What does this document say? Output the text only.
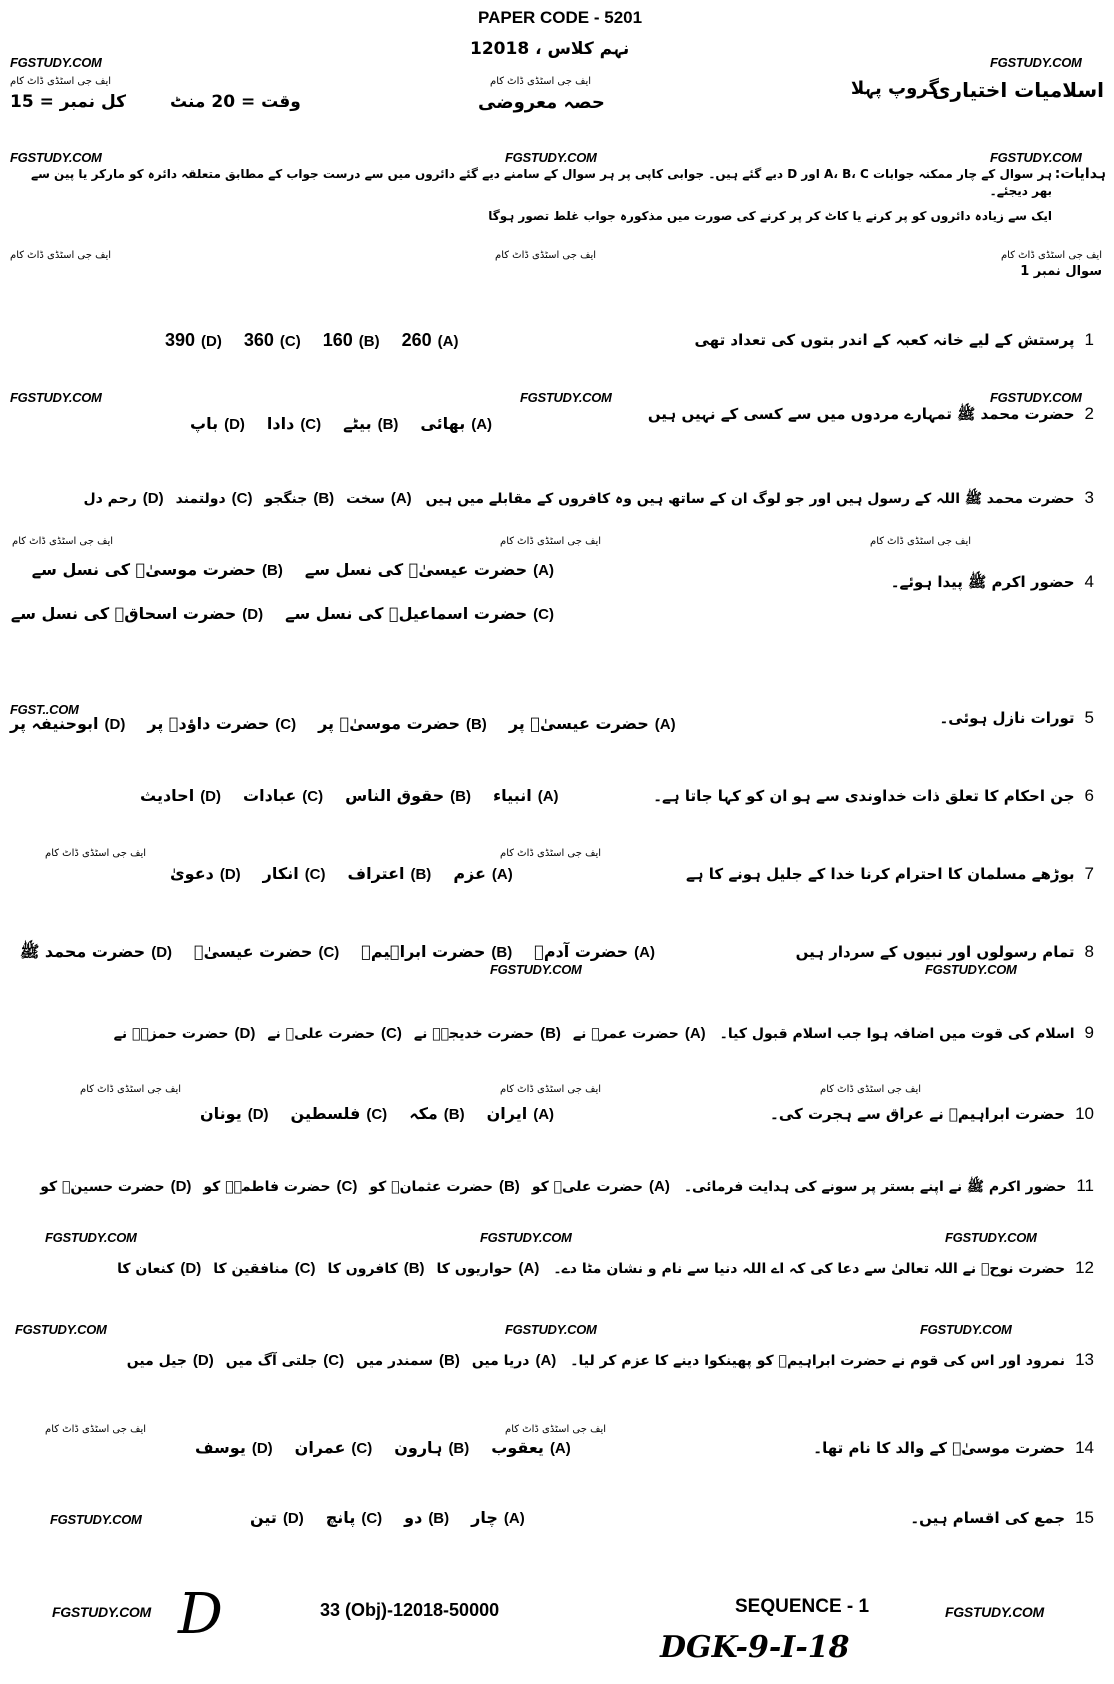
PAPER CODE - 5201
نہم کلاس ، 12018
FGSTUDY.COM	FGSTUDY.COM
اسلامیات اختیاری
گروپ پہلا
ایف جی اسٹڈی ڈاٹ کام
حصہ معروضی
ایف جی اسٹڈی ڈاٹ کام
کل نمبر = 15	وقت = 20 منٹ
FGSTUDY.COM	FGSTUDY.COM	FGSTUDY.COM
ہدایات:
ہر سوال کے چار ممکنہ جوابات A، B، C اور D دیے گئے ہیں۔ جوابی کاپی پر ہر سوال کے سامنے دیے گئے دائروں میں سے درست جواب کے مطابق متعلقہ دائرہ کو مارکر یا پین سے بھر دیجئے۔
ایک سے زیادہ دائروں کو پر کرنے یا کاٹ کر پر کرنے کی صورت میں مذکورہ جواب غلط تصور ہوگا
ایف جی اسٹڈی ڈاٹ کام	ایف جی اسٹڈی ڈاٹ کام	ایف جی اسٹڈی ڈاٹ کام
سوال نمبر 1
1
پرستش کے لیے خانہ کعبہ کے اندر بتوں کی تعداد تھی
(A)
260
(B)
160
(C)
360
(D)
390
2
حضرت محمد ﷺ تمہارے مردوں میں سے کسی کے نہیں ہیں
(A)
بھائی
(B)
بیٹے
(C)
دادا
(D)
باپ
3
حضرت محمد ﷺ اللہ کے رسول ہیں اور جو لوگ ان کے ساتھ ہیں وہ کافروں کے مقابلے میں ہیں
(A)
سخت
(B)
جنگجو
(C)
دولتمند
(D)
رحم دل
4
حضور اکرم ﷺ پیدا ہوئے۔
(A)
حضرت عیسیٰؑ کی نسل سے
(B)
حضرت موسیٰؑ کی نسل سے
(C)
حضرت اسماعیلؑ کی نسل سے
(D)
حضرت اسحاقؑ کی نسل سے
5
تورات نازل ہوئی۔
(A)
حضرت عیسیٰؑ پر
(B)
حضرت موسیٰؑ پر
(C)
حضرت داؤدؑ پر
(D)
ابوحنیفہ پر
6
جن احکام کا تعلق ذات خداوندی سے ہو ان کو کہا جاتا ہے۔
(A)
انبیاء
(B)
حقوق الناس
(C)
عبادات
(D)
احادیث
7
بوڑھے مسلمان کا احترام کرنا خدا کے جلیل ہونے کا ہے
(A)
عزم
(B)
اعتراف
(C)
انکار
(D)
دعویٰ
8
تمام رسولوں اور نبیوں کے سردار ہیں
(A)
حضرت آدمؑ
(B)
حضرت ابراہیمؑ
(C)
حضرت عیسیٰؑ
(D)
حضرت محمد ﷺ
9
اسلام کی قوت میں اضافہ ہوا جب اسلام قبول کیا۔
(A)
حضرت عمرؓ نے
(B)
حضرت خدیجہؓ نے
(C)
حضرت علیؓ نے
(D)
حضرت حمزہؓ نے
10
حضرت ابراہیمؑ نے عراق سے ہجرت کی۔
(A)
ایران
(B)
مکہ
(C)
فلسطین
(D)
یونان
11
حضور اکرم ﷺ نے اپنے بستر پر سونے کی ہدایت فرمائی۔
(A)
حضرت علیؓ کو
(B)
حضرت عثمانؓ کو
(C)
حضرت فاطمہؓ کو
(D)
حضرت حسینؓ کو
12
حضرت نوحؑ نے اللہ تعالیٰ سے دعا کی کہ اے اللہ دنیا سے نام و نشان مٹا دے۔
(A)
حواریوں کا
(B)
کافروں کا
(C)
منافقین کا
(D)
کنعان کا
13
نمرود اور اس کی قوم نے حضرت ابراہیمؑ کو پھینکوا دینے کا عزم کر لیا۔
(A)
دریا میں
(B)
سمندر میں
(C)
جلتی آگ میں
(D)
جیل میں
14
حضرت موسیٰؑ کے والد کا نام تھا۔
(A)
یعقوب
(B)
ہارون
(C)
عمران
(D)
یوسف
15
جمع کی اقسام ہیں۔
(A)
چار
(B)
دو
(C)
پانچ
(D)
تین
FGSTUDY.COM	FGSTUDY.COM	FGSTUDY.COM
ایف جی اسٹڈی ڈاٹ کام	ایف جی اسٹڈی ڈاٹ کام	ایف جی اسٹڈی ڈاٹ کام
FGST..COM
ایف جی اسٹڈی ڈاٹ کام	ایف جی اسٹڈی ڈاٹ کام
FGSTUDY.COM	FGSTUDY.COM
ایف جی اسٹڈی ڈاٹ کام	ایف جی اسٹڈی ڈاٹ کام	ایف جی اسٹڈی ڈاٹ کام
FGSTUDY.COM	FGSTUDY.COM	FGSTUDY.COM
FGSTUDY.COM	FGSTUDY.COM	FGSTUDY.COM
ایف جی اسٹڈی ڈاٹ کام	ایف جی اسٹڈی ڈاٹ کام
FGSTUDY.COM
FGSTUDY.COM D	33 (Obj)-12018-50000	SEQUENCE - 1	FGSTUDY.COM
DGK-9-I-18
